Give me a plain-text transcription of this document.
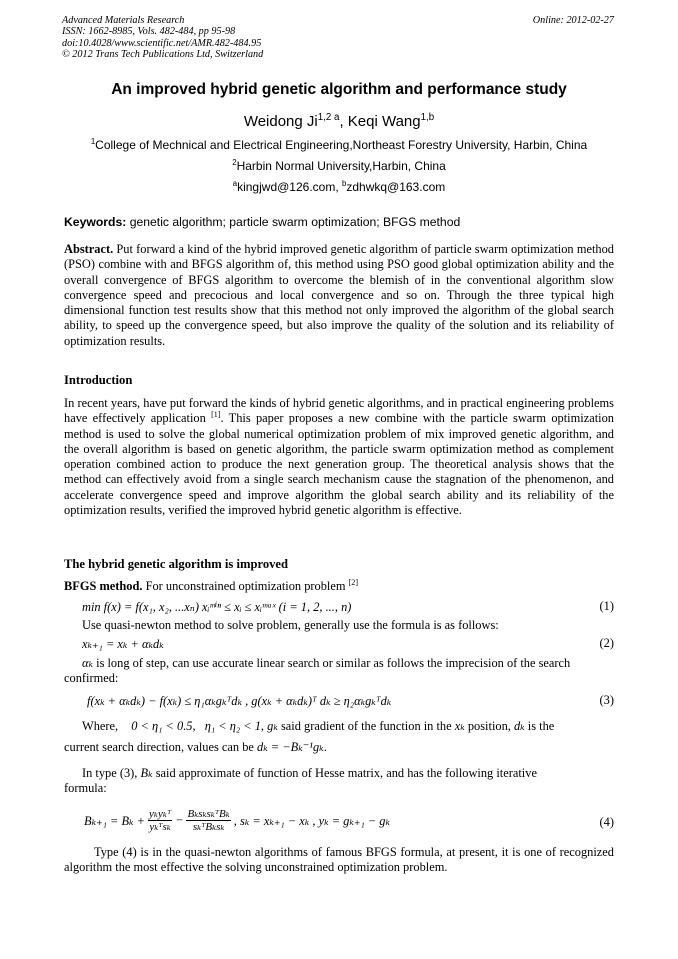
Advanced Materials Research
ISSN: 1662-8985, Vols. 482-484, pp 95-98
doi:10.4028/www.scientific.net/AMR.482-484.95
© 2012 Trans Tech Publications Ltd, Switzerland
Online: 2012-02-27
An improved hybrid genetic algorithm and performance study
Weidong $Ji^{1,2 a}$, Keqi Wang$^{1,b}$
$^1$College of Mechnical and Electrical Engineering,Northeast Forestry University, Harbin, China
$^2$Harbin Normal University,Harbin, China
$^a$kingjwd@126.com, $^b$zdhwkq@163.com
Keywords: genetic algorithm; particle swarm optimization; BFGS method
Abstract. Put forward a kind of the hybrid improved genetic algorithm of particle swarm optimization method (PSO) combine with and BFGS algorithm of, this method using PSO good global optimization ability and the overall convergence of BFGS algorithm to overcome the blemish of in the conventional algorithm slow convergence speed and precocious and local convergence and so on. Through the three typical high dimensional function test results show that this method not only improved the algorithm of the global search ability, to speed up the convergence speed, but also improve the quality of the solution and its reliability of optimization results.
Introduction
In recent years, have put forward the kinds of hybrid genetic algorithms, and in practical engineering problems have effectively application [1]. This paper proposes a new combine with the particle swarm optimization method is used to solve the global numerical optimization problem of mix improved genetic algorithm, and the overall algorithm is based on genetic algorithm, the particle swarm optimization method as complement operation combined action to produce the next generation group. The theoretical analysis shows that the method can effectively avoid from a single search mechanism cause the stagnation of the phenomenon, and accelerate convergence speed and improve algorithm the global search ability and its reliability of the optimization results, verified the improved hybrid genetic algorithm is effective.
The hybrid genetic algorithm is improved
BFGS method. For unconstrained optimization problem [2]
min f(x) = f(x₁, x₂, ...xₙ) xᵢᵐⁱⁿ ≤ xᵢ ≤ xᵢᵐᵃˣ (i = 1, 2, ..., n)	(1)
Use quasi-newton method to solve problem, generally use the formula is as follows:
xₖ₊₁ = xₖ + αₖdₖ	(2)
αₖ is long of step, can use accurate linear search or similar as follows the imprecision of the search
confirmed:
f(xₖ + αₖdₖ) − f(xₖ) ≤ η₁αₖgₖᵀdₖ , g(xₖ + αₖdₖ)ᵀ dₖ ≥ η₂αₖgₖᵀdₖ	(3)
Where, 0 < η₁ < 0.5, η₁ < η₂ < 1, gₖ said gradient of the function in the xₖ position, dₖ is the
current search direction, values can be dₖ = −Bₖ⁻¹gₖ.
In type (3), Bₖ said approximate of function of Hesse matrix, and has the following iterative
formula:
$B_{k+1} = B_k + \frac{\text{yₖyₖᵀ}}{\text{yₖᵀsₖ}} - \frac{\text{BₖsₖsₖᵀBₖ}}{\text{sₖᵀBₖsₖ}}$ , sₖ = xₖ₊₁ − xₖ , yₖ = gₖ₊₁ − gₖ	(4)
Type (4) is in the quasi-newton algorithms of famous BFGS formula, at present, it is one of recognized algorithm the most effective the solving unconstrained optimization problem.
